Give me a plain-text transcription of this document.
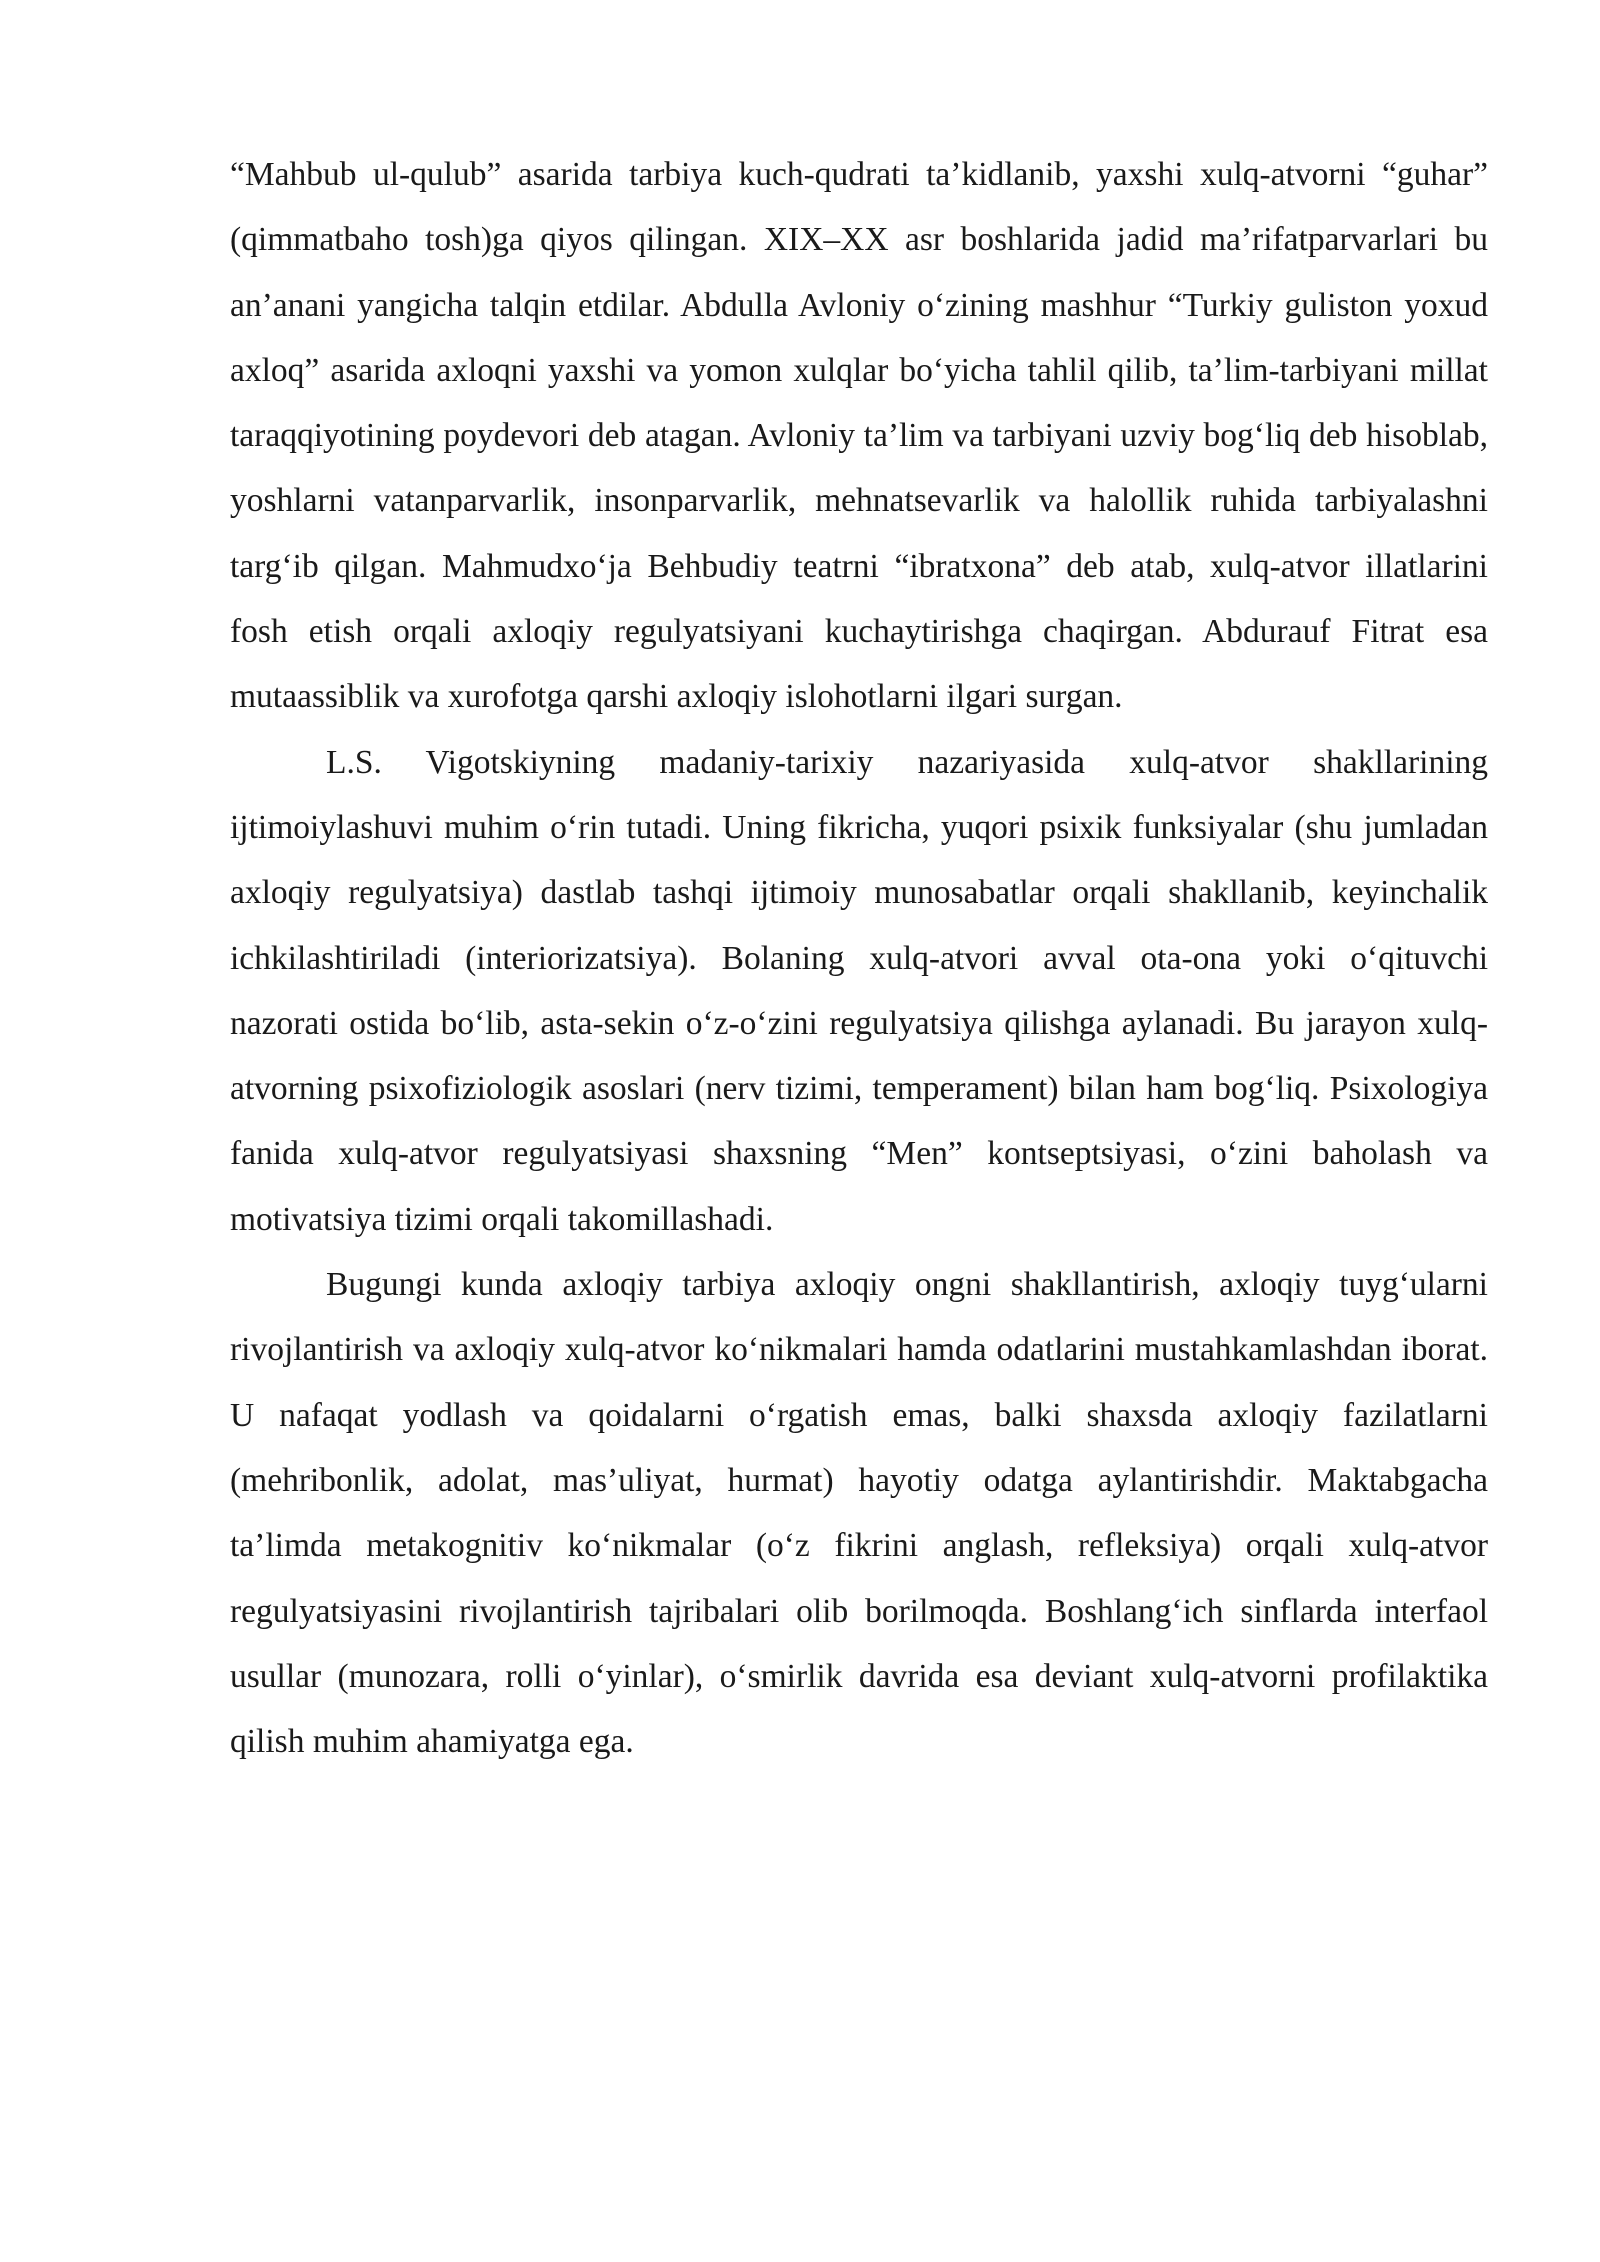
“Mahbub ul-qulub” asarida tarbiya kuch-qudrati ta’kidlanib, yaxshi xulq-atvorni “guhar” (qimmatbaho tosh)ga qiyos qilingan. XIX–XX asr boshlarida jadid ma’rifatparvarlari bu an’anani yangicha talqin etdilar. Abdulla Avloniy o‘zining mashhur “Turkiy guliston yoxud axloq” asarida axloqni yaxshi va yomon xulqlar bo‘yicha tahlil qilib, ta’lim-tarbiyani millat taraqqiyotining poydevori deb atagan. Avloniy ta’lim va tarbiyani uzviy bog‘liq deb hisoblab, yoshlarni vatanparvarlik, insonparvarlik, mehnatsevarlik va halollik ruhida tarbiyalashni targ‘ib qilgan. Mahmudxo‘ja Behbudiy teatrni “ibratxona” deb atab, xulq-atvor illatlarini fosh etish orqali axloqiy regulyatsiyani kuchaytirishga chaqirgan. Abdurauf Fitrat esa mutaassiblik va xurofotga qarshi axloqiy islohotlarni ilgari surgan.

L.S. Vigotskiyning madaniy-tarixiy nazariyasida xulq-atvor shakllarining ijtimoiylashuvi muhim o‘rin tutadi. Uning fikricha, yuqori psixik funksiyalar (shu jumladan axloqiy regulyatsiya) dastlab tashqi ijtimoiy munosabatlar orqali shakllanib, keyinchalik ichkilashtiriladi (interiorizatsiya). Bolaning xulq-atvori avval ota-ona yoki o‘qituvchi nazorati ostida bo‘lib, asta-sekin o‘z-o‘zini regulyatsiya qilishga aylanadi. Bu jarayon xulq-atvorning psixofiziologik asoslari (nerv tizimi, temperament) bilan ham bog‘liq. Psixologiya fanida xulq-atvor regulyatsiyasi shaxsning “Men” kontseptsiyasi, o‘zini baholash va motivatsiya tizimi orqali takomillashadi.

Bugungi kunda axloqiy tarbiya axloqiy ongni shakllantirish, axloqiy tuyg‘ularni rivojlantirish va axloqiy xulq-atvor ko‘nikmalari hamda odatlarini mustahkamlashdan iborat. U nafaqat yodlash va qoidalarni o‘rgatish emas, balki shaxsda axloqiy fazilatlarni (mehribonlik, adolat, mas’uliyat, hurmat) hayotiy odatga aylantirishdir. Maktabgacha ta’limda metakognitiv ko‘nikmalar (o‘z fikrini anglash, refleksiya) orqali xulq-atvor regulyatsiyasini rivojlantirish tajribalari olib borilmoqda. Boshlang‘ich sinflarda interfaol usullar (munozara, rolli o‘yinlar), o‘smirlik davrida esa deviant xulq-atvorni profilaktika qilish muhim ahamiyatga ega.
